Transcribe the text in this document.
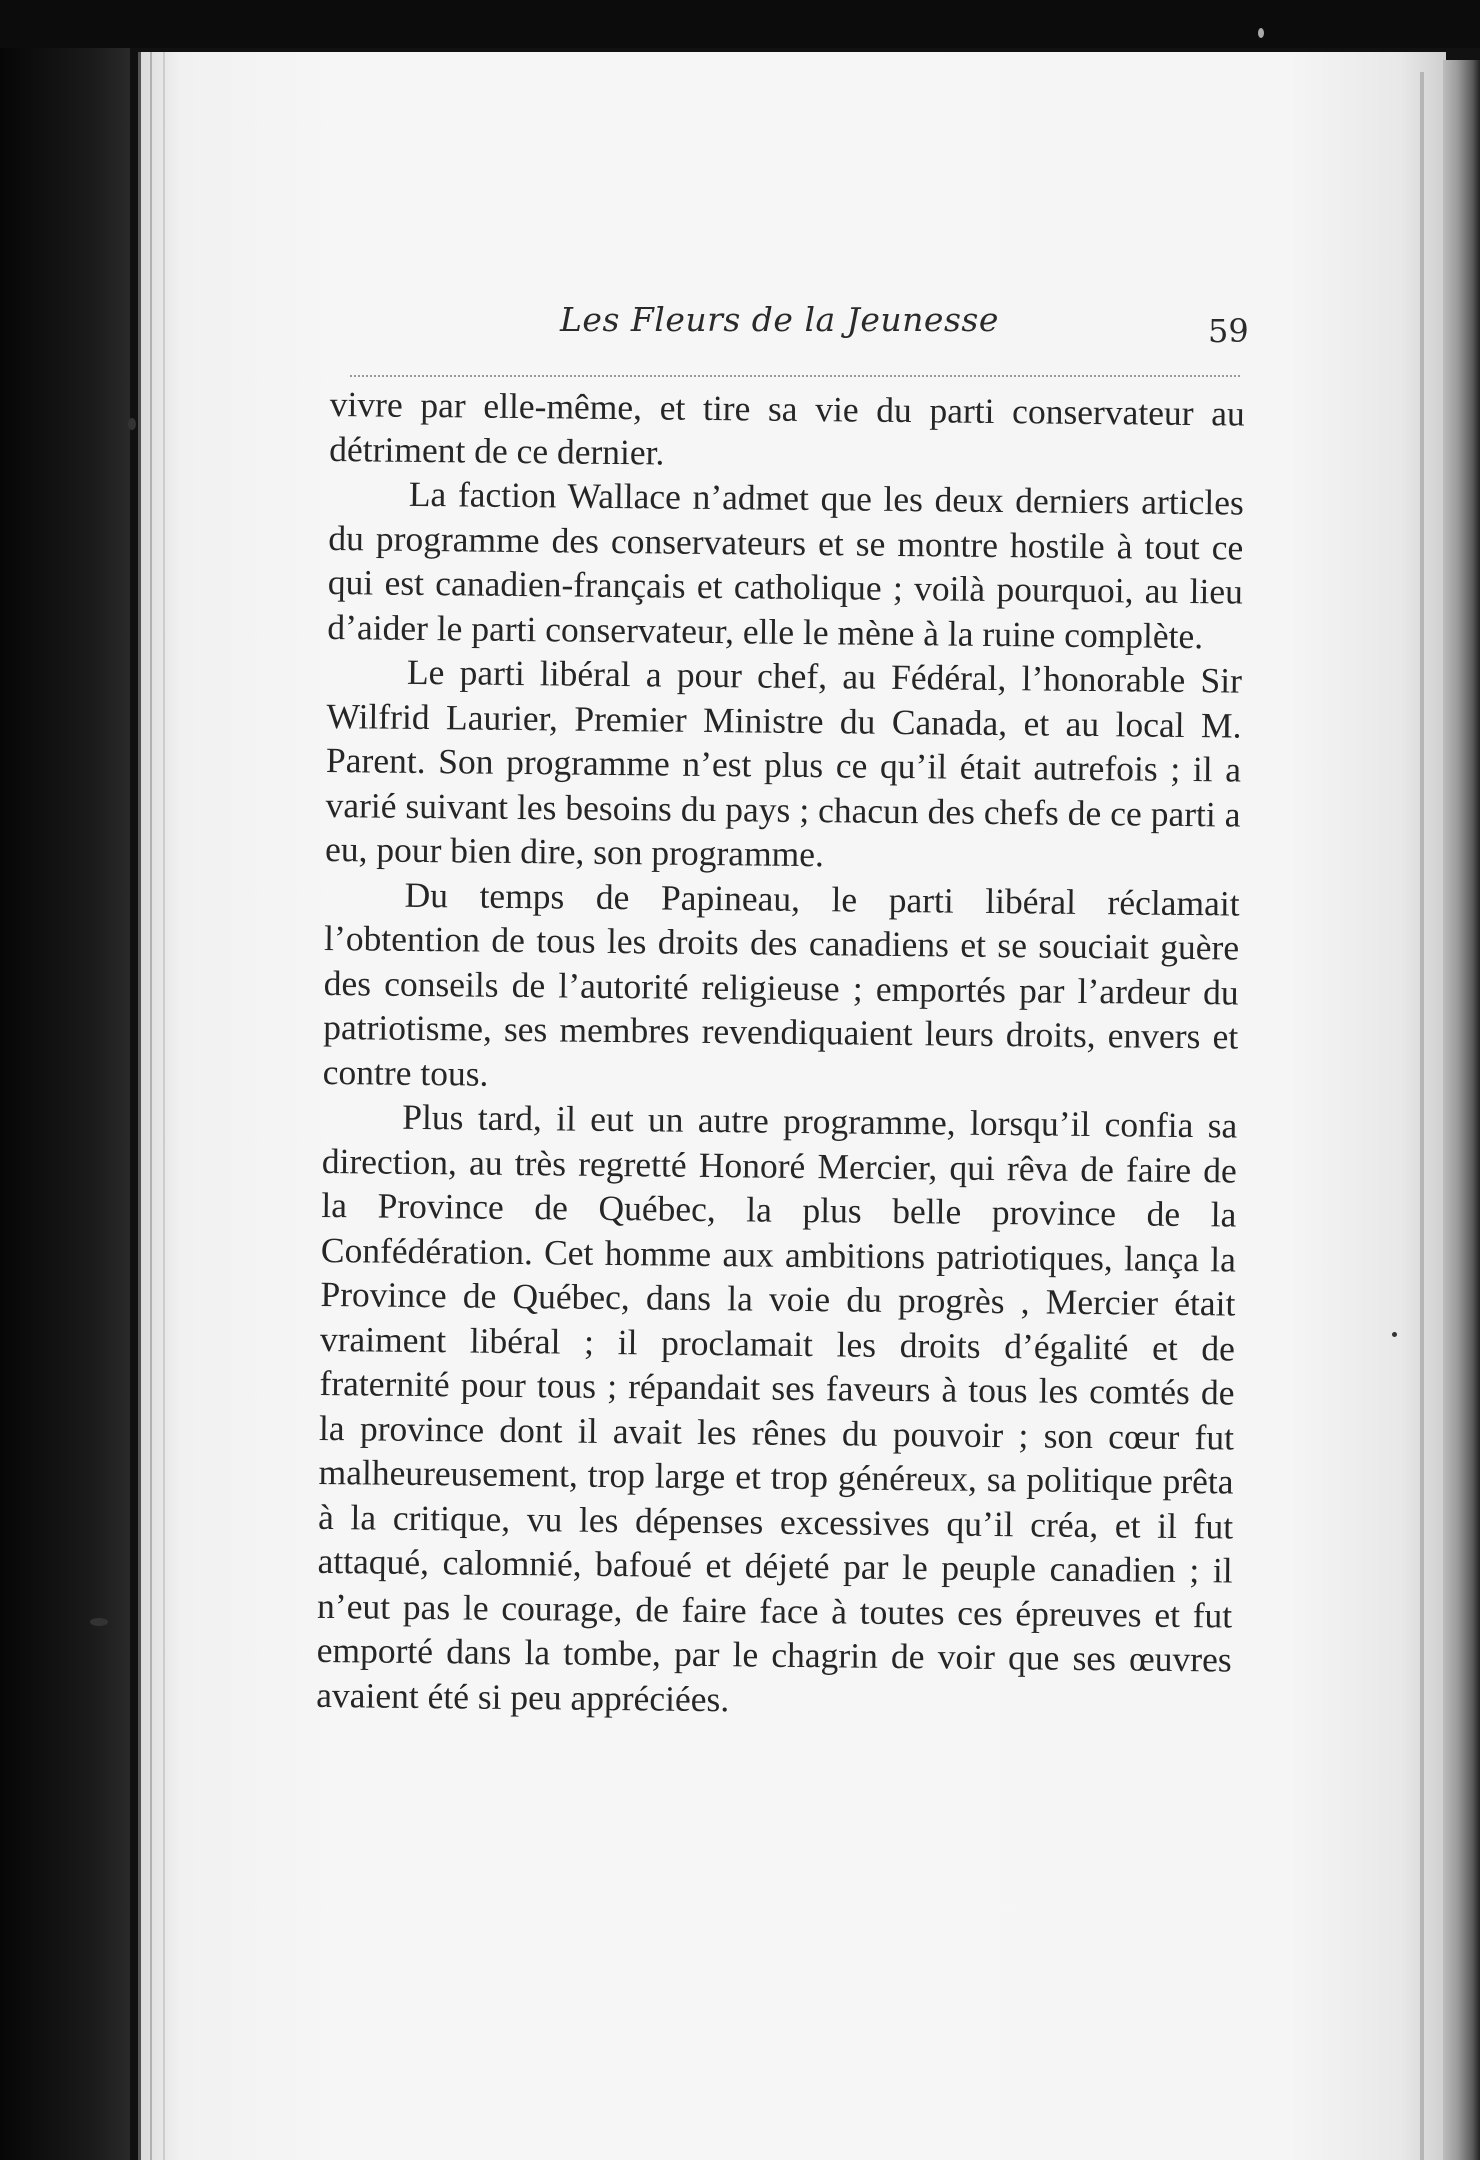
Les Fleurs de la Jeunesse	59

vivre par elle-même, et tire sa vie du parti conservateur au détriment de ce dernier.

La faction Wallace n’admet que les deux derniers articles du programme des conservateurs et se montre hostile à tout ce qui est canadien-français et catholique ; voilà pourquoi, au lieu d’aider le parti conservateur, elle le mène à la ruine complète.

Le parti libéral a pour chef, au Fédéral, l’honorable Sir Wilfrid Laurier, Premier Ministre du Canada, et au local M. Parent. Son programme n’est plus ce qu’il était autrefois ; il a varié suivant les besoins du pays ; chacun des chefs de ce parti a eu, pour bien dire, son programme.

Du temps de Papineau, le parti libéral réclamait l’obtention de tous les droits des canadiens et se souciait guère des conseils de l’autorité religieuse ; emportés par l’ardeur du patriotisme, ses membres revendiquaient leurs droits, envers et contre tous.

Plus tard, il eut un autre programme, lorsqu’il confia sa direction, au très regretté Honoré Mercier, qui rêva de faire de la Province de Québec, la plus belle province de la Confédération. Cet homme aux ambitions patriotiques, lança la Province de Québec, dans la voie du progrès , Mercier était vraiment libéral ; il proclamait les droits d’égalité et de fraternité pour tous ; répandait ses faveurs à tous les comtés de la province dont il avait les rênes du pouvoir ; son cœur fut malheureusement, trop large et trop généreux, sa politique prêta à la critique, vu les dépenses excessives qu’il créa, et il fut attaqué, calomnié, bafoué et déjeté par le peuple canadien ; il n’eut pas le courage, de faire face à toutes ces épreuves et fut emporté dans la tombe, par le chagrin de voir que ses œuvres avaient été si peu appréciées.
